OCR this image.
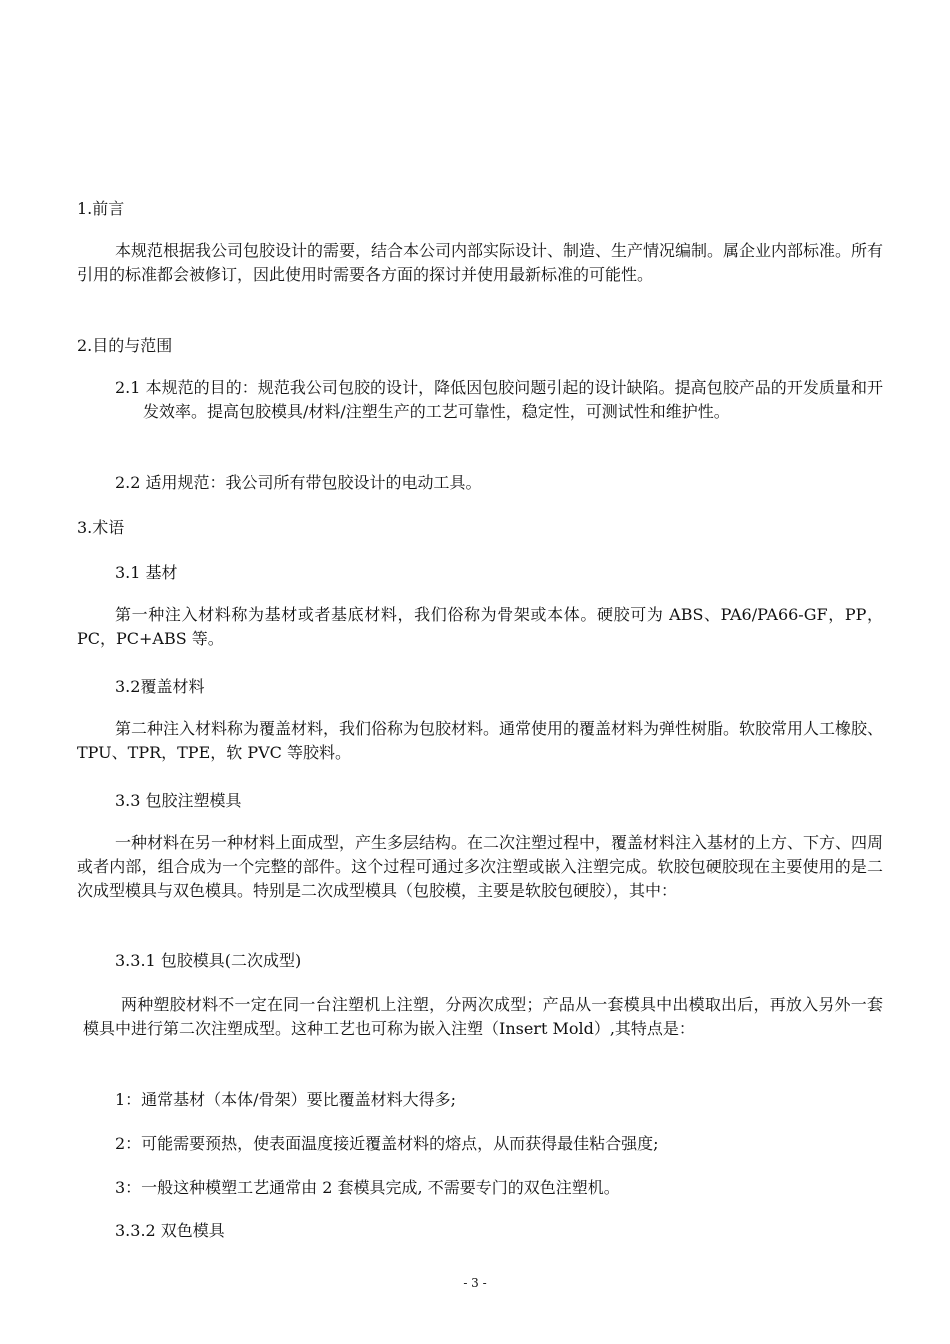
1.前言

本规范根据我公司包胶设计的需要，结合本公司内部实际设计、制造、生产情况编制。属企业内部标准。所有引用的标准都会被修订，因此使用时需要各方面的探讨并使用最新标准的可能性。

2.目的与范围

2.1 本规范的目的：规范我公司包胶的设计，降低因包胶问题引起的设计缺陷。提高包胶产品的开发质量和开发效率。提高包胶模具/材料/注塑生产的工艺可靠性，稳定性，可测试性和维护性。

2.2 适用规范：我公司所有带包胶设计的电动工具。

3.术语

3.1 基材

第一种注入材料称为基材或者基底材料，我们俗称为骨架或本体。硬胶可为 ABS、PA6/PA66-GF，PP，PC，PC+ABS 等。

3.2覆盖材料

第二种注入材料称为覆盖材料，我们俗称为包胶材料。通常使用的覆盖材料为弹性树脂。软胶常用人工橡胶、TPU、TPR，TPE，软 PVC 等胶料。

3.3 包胶注塑模具

一种材料在另一种材料上面成型，产生多层结构。在二次注塑过程中，覆盖材料注入基材的上方、下方、四周或者内部，组合成为一个完整的部件。这个过程可通过多次注塑或嵌入注塑完成。软胶包硬胶现在主要使用的是二次成型模具与双色模具。特别是二次成型模具（包胶模，主要是软胶包硬胶），其中：

3.3.1 包胶模具(二次成型)

两种塑胶材料不一定在同一台注塑机上注塑，分两次成型；产品从一套模具中出模取出后，再放入另外一套模具中进行第二次注塑成型。这种工艺也可称为嵌入注塑（Insert Mold）,其特点是：

1：通常基材（本体/骨架）要比覆盖材料大得多;

2：可能需要预热，使表面温度接近覆盖材料的熔点，从而获得最佳粘合强度;

3：一般这种模塑工艺通常由 2 套模具完成, 不需要专门的双色注塑机。

3.3.2 双色模具

- 3 -
